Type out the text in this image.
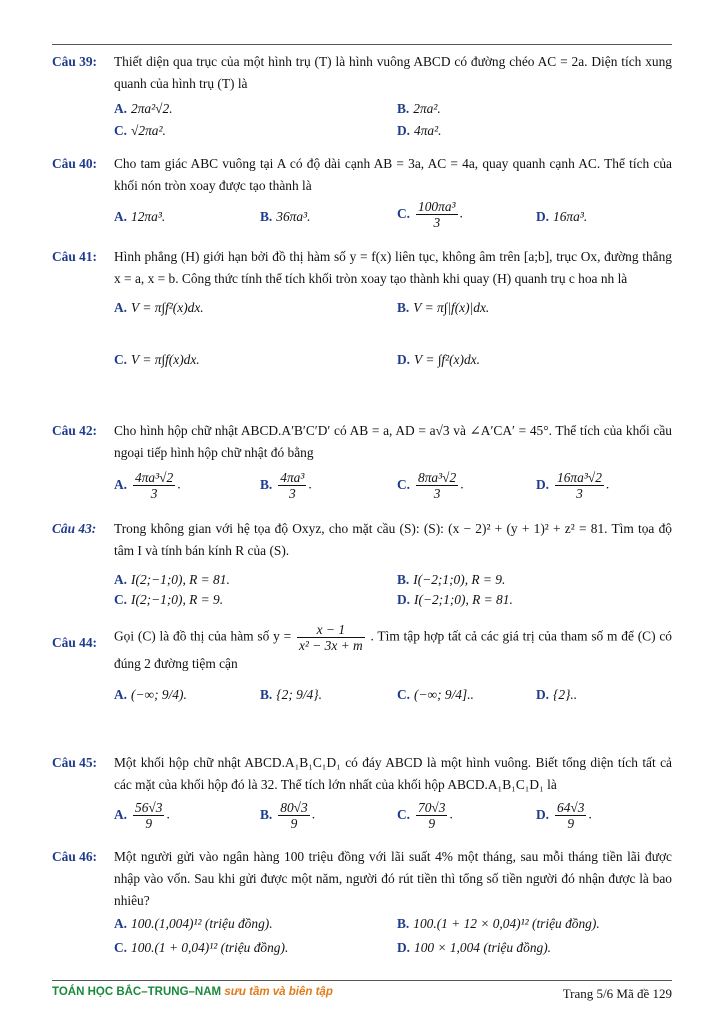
Câu 39:	Thiết diện qua trục của một hình trụ (T) là hình vuông ABCD có đường chéo AC = 2a. Diện tích xung quanh của hình trụ (T) là
A. 2πa²√2.	B. 2πa².
C. √2πa².	D. 4πa².
Câu 40:	Cho tam giác ABC vuông tại A có độ dài cạnh AB = 3a, AC = 4a, quay quanh cạnh AC. Thể tích của khối nón tròn xoay được tạo thành là
A. 12πa³.	B. 36πa³.	C. $\frac{\text{100πa³}}{3}$ .	D. 16πa³.
Câu 41:	Hình phẳng (H) giới hạn bởi đồ thị hàm số y = f(x) liên tục, không âm trên [a;b], trục Ox, đường thẳng x = a, x = b. Công thức tính thể tích khối tròn xoay tạo thành khi quay (H) quanh trụ c hoa nh là
A. V = π∫f²(x)dx.	B. V = π∫|f(x)|dx.
C. V = π∫f(x)dx.	D. V = ∫f²(x)dx.
Câu 42:	Cho hình hộp chữ nhật ABCD.A′B′C′D′ có AB = a, AD = a√3 và ∠A′CA′ = 45°. Thể tích của khối cầu ngoại tiếp hình hộp chữ nhật đó bằng
A. $\frac{\text{4πa³√2}}{3}$ .	B. $\frac{\text{4πa³}}{3}$ .	C. $\frac{\text{8πa³√2}}{3}$ .	D. $\frac{\text{16πa³√2}}{3}$ .
Câu 43:	Trong không gian với hệ tọa độ Oxyz, cho mặt cầu (S): (S): (x − 2)² + (y + 1)² + z² = 81. Tìm tọa độ tâm I và tính bán kính R của (S).
A. I(2;−1;0), R = 81.	B. I(−2;1;0), R = 9.
C. I(2;−1;0), R = 9.	D. I(−2;1;0), R = 81.
Câu 44:	Gọi (C) là đồ thị của hàm số $y = \frac{x - 1}{\text{x² − 3x + m}}$ . Tìm tập hợp tất cả các giá trị của tham số m để (C) có đúng 2 đường tiệm cận
A. (−∞; 9/4).	B. {2; 9/4}.	C. (−∞; 9/4]..	D. {2}..
Câu 45:	Một khối hộp chữ nhật ABCD.A₁B₁C₁D₁ có đáy ABCD là một hình vuông. Biết tổng diện tích tất cả các mặt của khối hộp đó là 32. Thể tích lớn nhất của khối hộp ABCD.A₁B₁C₁D₁ là
A. $\frac{56√3}{9}$ .	B. $\frac{80√3}{9}$ .	C. $\frac{70√3}{9}$ .	D. $\frac{64√3}{9}$ .
Câu 46:	Một người gửi vào ngân hàng 100 triệu đồng với lãi suất 4% một tháng, sau mỗi tháng tiền lãi được nhập vào vốn. Sau khi gửi được một năm, người đó rút tiền thì tổng số tiền người đó nhận được là bao nhiêu?
A. 100.(1,004)¹² (triệu đồng).	B. 100.(1 + 12 × 0,04)¹² (triệu đồng).
C. 100.(1 + 0,04)¹² (triệu đồng).	D. 100 × 1,004 (triệu đồng).
TOÁN HỌC BẮC–TRUNG–NAM sưu tầm và biên tập	Trang 5/6 Mã đề 129
